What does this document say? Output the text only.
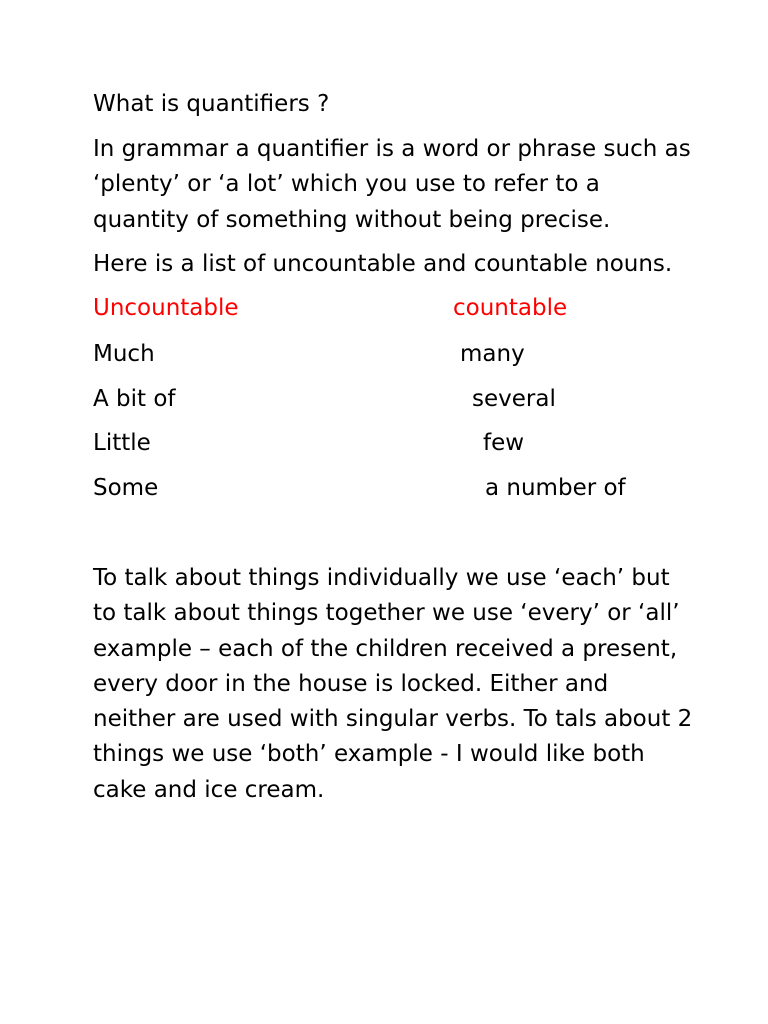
What is quantifiers ?
In grammar a quantifier is a word or phrase such as ‘plenty’ or ‘a lot’ which you use to refer to a quantity of something without being precise.
Here is a list of uncountable and countable nouns.
Uncountable	countable
Much	many
A bit of	several
Little	few
Some	a number of
To talk about things individually we use ‘each’ but to talk about things together we use ‘every’ or ‘all’ example – each of the children received a present, every door in the house is locked. Either and neither are used with singular verbs. To tals about 2 things we use ‘both’ example - I would like both cake and ice cream.
